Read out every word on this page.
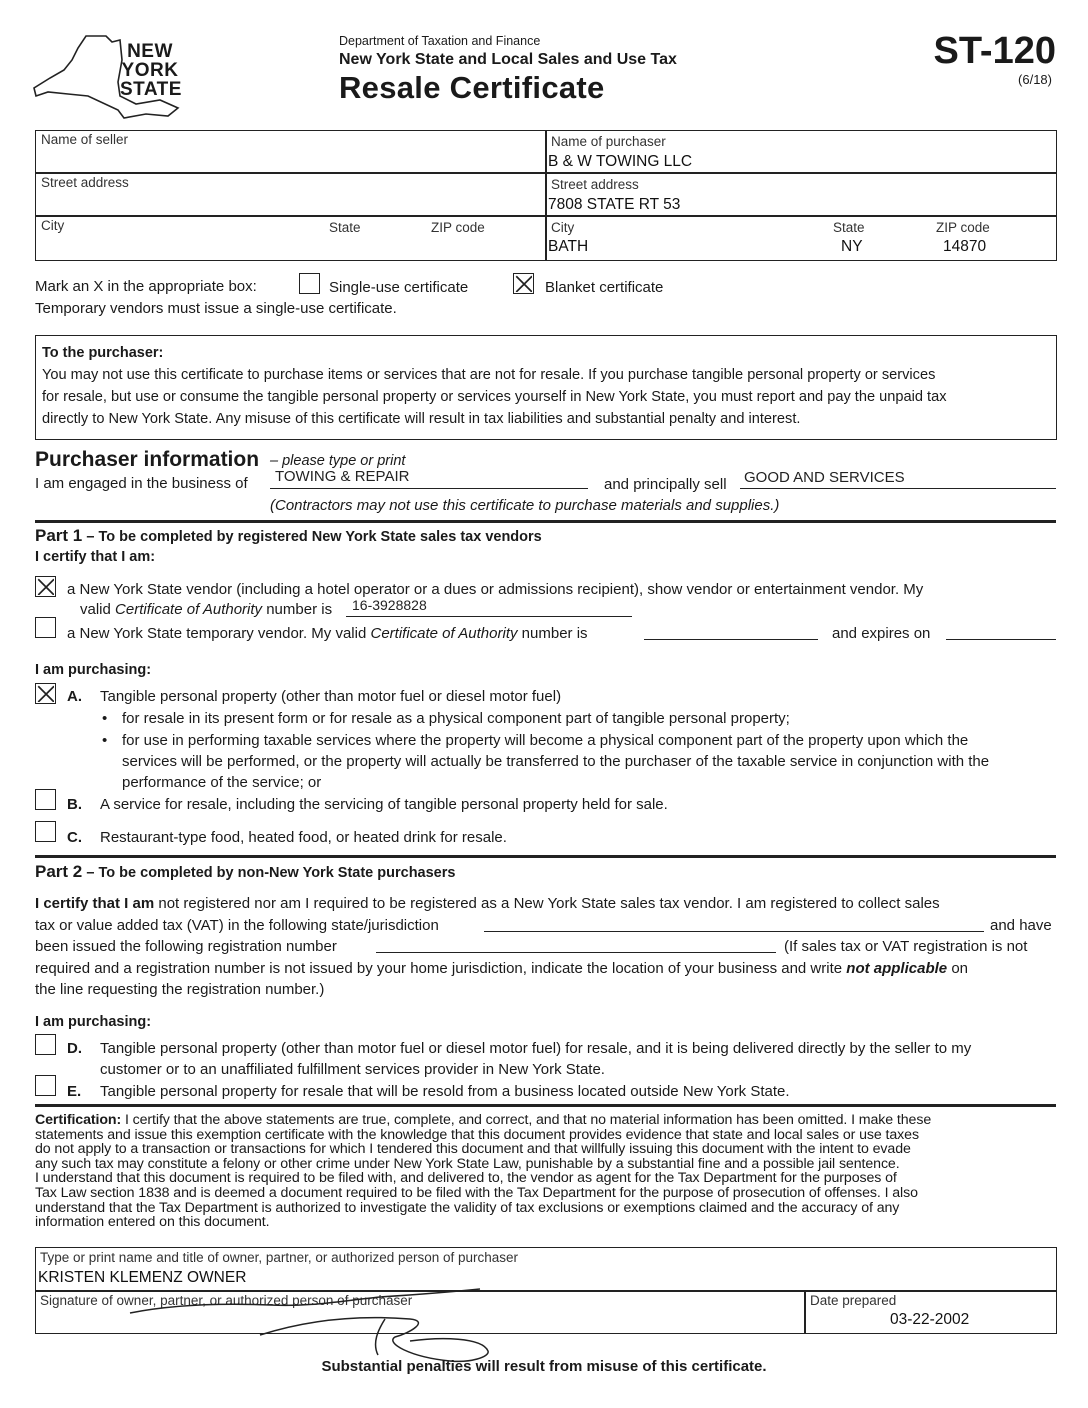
NEW
YORK
STATE
Department of Taxation and Finance
New York State and Local Sales and Use Tax
Resale Certificate
ST-120
(6/18)
Name of seller
Street address
City	State	ZIP code
Name of purchaser
B & W TOWING LLC
Street address
7808 STATE RT 53
City
BATH
State
NY
ZIP code
14870
Mark an X in the appropriate box:	Single-use certificate	Blanket certificate
Temporary vendors must issue a single-use certificate.
To the purchaser:
You may not use this certificate to purchase items or services that are not for resale. If you purchase tangible personal property or services
for resale, but use or consume the tangible personal property or services yourself in New York State, you must report and pay the unpaid tax
directly to New York State. Any misuse of this certificate will result in tax liabilities and substantial penalty and interest.
Purchaser information – please type or print
I am engaged in the business of TOWING & REPAIR	and principally sell GOOD AND SERVICES
(Contractors may not use this certificate to purchase materials and supplies.)
Part 1 – To be completed by registered New York State sales tax vendors
I certify that I am:
a New York State vendor (including a hotel operator or a dues or admissions recipient), show vendor or entertainment vendor. My
valid Certificate of Authority number is 16-3928828
a New York State temporary vendor. My valid Certificate of Authority number is	and expires on
I am purchasing:
A. Tangible personal property (other than motor fuel or diesel motor fuel)
• for resale in its present form or for resale as a physical component part of tangible personal property;
• for use in performing taxable services where the property will become a physical component part of the property upon which the
services will be performed, or the property will actually be transferred to the purchaser of the taxable service in conjunction with the
performance of the service; or
B. A service for resale, including the servicing of tangible personal property held for sale.
C. Restaurant-type food, heated food, or heated drink for resale.
Part 2 – To be completed by non-New York State purchasers
I certify that I am not registered nor am I required to be registered as a New York State sales tax vendor. I am registered to collect sales
tax or value added tax (VAT) in the following state/jurisdiction	and have
been issued the following registration number	(If sales tax or VAT registration is not
required and a registration number is not issued by your home jurisdiction, indicate the location of your business and write not applicable on
the line requesting the registration number.)
I am purchasing:
D. Tangible personal property (other than motor fuel or diesel motor fuel) for resale, and it is being delivered directly by the seller to my
customer or to an unaffiliated fulfillment services provider in New York State.
E. Tangible personal property for resale that will be resold from a business located outside New York State.
Certification: I certify that the above statements are true, complete, and correct, and that no material information has been omitted. I make these
statements and issue this exemption certificate with the knowledge that this document provides evidence that state and local sales or use taxes
do not apply to a transaction or transactions for which I tendered this document and that willfully issuing this document with the intent to evade
any such tax may constitute a felony or other crime under New York State Law, punishable by a substantial fine and a possible jail sentence.
I understand that this document is required to be filed with, and delivered to, the vendor as agent for the Tax Department for the purposes of
Tax Law section 1838 and is deemed a document required to be filed with the Tax Department for the purpose of prosecution of offenses. I also
understand that the Tax Department is authorized to investigate the validity of tax exclusions or exemptions claimed and the accuracy of any
information entered on this document.
Type or print name and title of owner, partner, or authorized person of purchaser
KRISTEN KLEMENZ OWNER
Signature of owner, partner, or authorized person of purchaser	Date prepared
03-22-2002
Substantial penalties will result from misuse of this certificate.
